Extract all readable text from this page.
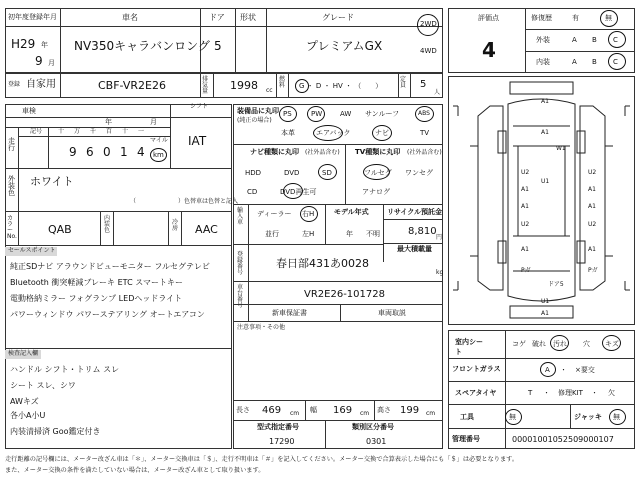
初年度登録年月
H29 年
9 月
車名
NV350キャラバンロング
ドア
5
形状	グレード
プレミアムGX
2WD
4WD
登録 自家用	CBF-VR2E26	排気量	1998 cc
燃料	G ・ D ・ HV ・ （　　）
定員 5
人
車検
年	月
シフト
IAT
走行
記号	十 万 千 百 十 一
9 6 0 1 4
マイル
km
外装色
ホワイト
（　　　　　　　）色替車は色替と記入
カラーNo.
QAB
内装色
冷房 AAC
セールスポイント
純正SDナビ アラウンドビューモニター フルセグテレビ
Bluetooth 衝突軽減ブレーキ ETC スマートキー
電動格納ミラー フォグランプ LEDヘッドライト
パワーウィンドウ パワーステアリング オートエアコン
検査記入欄
ハンドル シフト・トリム スレ
シート スレ、シワ
AWキズ
各小A小U
内装清掃済 Goo鑑定付き
装備品に丸印
(純正の場合)
PS	PW	AW サンルーフ	ABS
本革	エアバック	ナビ	TV
ナビ種類に丸印 (社外品含む)
HDD	DVD	SD
CD	DVD再生可
TV種類に丸印 (社外品含む)
フルセグ ワンセグ
アナログ
輸入車
ディーラー 右H
並行	左H
モデル年式
年 不明
リサイクル預託金
8,810
円
最大積載量
登録番号
春日部431あ0028
kg
車台番号
VR2E26-101728
新車保証書	車両取説
注意事項・その他
長さ 469 cm 幅 169 cm 高さ 199 cm
型式指定番号
17290
類別区分番号
0301
評価点
4
修復歴	有	無
外装	A B C
内装	A B C
A1
A1
W1
U2
U1
U2
A1	A1
A1	A1
U2	U2
A1	A1
Pガ	Pガ
ドア5
U1
A1
室内シート
コゲ 破れ 汚れ 穴 キズ
フロントガラス	A ・ ×要交
スペアタイヤ	T ・ 修理KIT ・ 欠
工具	無	ジャッキ 無
管理番号	00001001052509000107
走行距離の記号欄には、メーター改ざん車は「＊」、メーター交換車は「＄」、走行不明車は「＃」を記入してください。メーター交換で合算表示した場合にも「＄」は必要となります。
また、メーター交換の条件を満たしていない場合は、メーター改ざん車として取り扱います。
